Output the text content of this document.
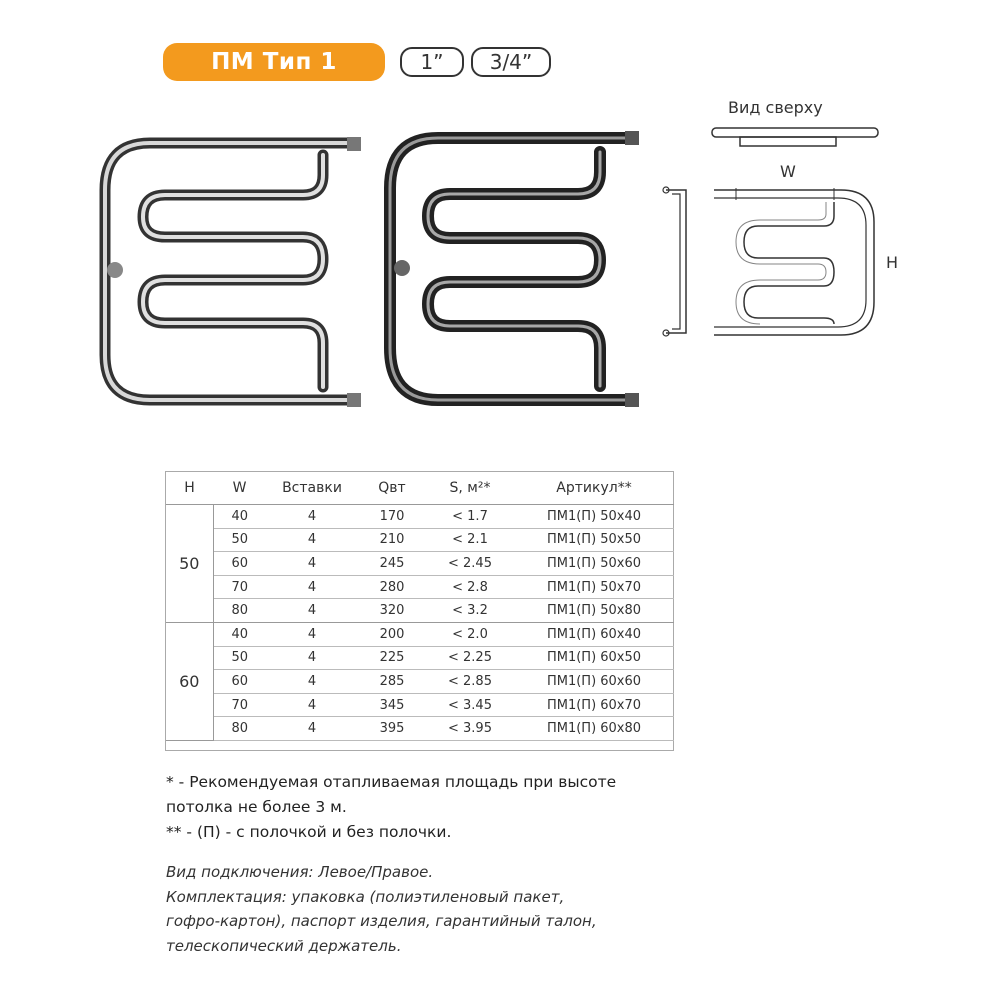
ПМ Тип 1	1”	3/4”
Вид сверху
W
H
H	W	Вставки	Qвт	S, м²*	Артикул**
50	40	4	170	< 1.7	ПМ1(П) 50х40
	50	4	210	< 2.1	ПМ1(П) 50х50
	60	4	245	< 2.45	ПМ1(П) 50х60
	70	4	280	< 2.8	ПМ1(П) 50х70
	80	4	320	< 3.2	ПМ1(П) 50х80
60	40	4	200	< 2.0	ПМ1(П) 60х40
	50	4	225	< 2.25	ПМ1(П) 60х50
	60	4	285	< 2.85	ПМ1(П) 60х60
	70	4	345	< 3.45	ПМ1(П) 60х70
	80	4	395	< 3.95	ПМ1(П) 60х80
* - Рекомендуемая отапливаемая площадь при высоте
потолка не более 3 м.
** - (П) - с полочкой и без полочки.
Вид подключения: Левое/Правое.
Комплектация: упаковка (полиэтиленовый пакет,
гофро-картон), паспорт изделия, гарантийный талон,
телескопический держатель.
